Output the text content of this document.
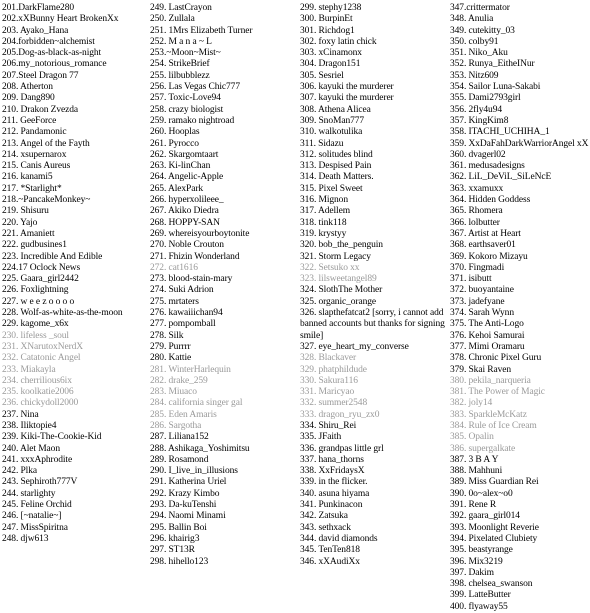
201.DarkFlame280
202.xXBunny Heart BrokenXx
203. Ayako_Hana
204.forbidden~alchemist
205.Dog-as-black-as-night
206.my_notorious_romance
207.Steel Dragon 77
208. Atherton
209. Dang890
210. Drakon Zvezda
211. GeeForce
212. Pandamonic
213. Angel of the Fayth
214. xsupernarox
215. Canis Aureus
216. kanami5
217. *Starlight*
218.~PancakeMonkey~
219. Shisuru
220. Yajo
221. Amaniett
222. gudbusines1
223. Incredible And Edible
224.17 Oclock News
225. Gaara_girl2442
226. Foxlightning
227. w e e z o o o o
228. Wolf-as-white-as-the-moon
229. kagome_x6x
230. lifeless _soul
231. XNarutoxNerdX
232. Catatonic Angel
233. Miakayla
234. cherrilious6ix
235. koolkatie2006
236. chickydoll2000
237. Nina
238. Iliktopie4
239. Kiki-The-Cookie-Kid
240. Alet Maon
241. xxxAphrodite
242. Plka
243. Sephiroth777V
244. starlighty
245. Feline Orchid
246. [~natalie~]
247. MissSpiritna
248. djw613
249. LastCrayon
250. Zullala
251. 1Mrs Elizabeth Turner
252. M a n a ~ L
253.~Moon~Mist~
254. StrikeBrief
255. lilbubblezz
256. Las Vegas Chic777
257. Toxic-Love94
258. crazy biologist
259. ramako nightroad
260. Hooplas
261. Pyrocco
262. Skargomtaart
263. Ki-linChan
264. Angelic-Apple
265. AlexPark
266. hyperxolileee_
267. Akiko Diedra
268. HOPPY-SAN
269. whereisyourboytonite
270. Noble Crouton
271. Fhizin Wonderland
272. cat1616
273. blood-stain-mary
274. Suki Adrion
275. mrtaters
276. kawaiiichan94
277. pompomball
278. Silk
279. Purrrr
280. Kattie
281. WinterHarlequin
282. drake_259
283. Miuaco
284. california singer gal
285. Eden Amaris
286. Sargotha
287. Liliana152
288. Ashikaga_Yoshimitsu
289. Rosamond
290. I_live_in_illusions
291. Katherina Uriel
292. Krazy Kimbo
293. Da-kuTenshi
294. Naomi Minami
295. Ballin Boi
296. khairig3
297. ST13R
298. hihello123
299. stephy1238
300. BurpinEt
301. Richdog1
302. foxy latin chick
303. xCinamonx
304. Dragon151
305. Sesriel
306. kayuki the murderer
307. kayuki the murderer
308. Athena Alicea
309. SnoMan777
310. walkotulika
311. Sidazu
312. solitudes blind
313. Despised Pain
314. Death Matters.
315. Pixel Sweet
316. Mignon
317. Adellem
318. tink118
319. krystyy
320. bob_the_penguin
321. Storm Legacy
322. Setsuko xx
323. lilsweetangel89
324. SlothThe Mother
325. organic_orange
326. slapthefatcat2 [sorry, i cannot add banned accounts but thanks for signing smile]
327. eye_heart_my_converse
328. Blackaver
329. phatphildude
330. Sakura116
331. Maricyao
332. summer2548
333. dragon_ryu_zx0
334. Shiru_Rei
335. JFaith
336. grandpas little grl
337. hana_thorns
338. XxFridaysX
339. in the flicker.
340. asuna hiyama
341. Punkinacon
342. Zatsuka
343. sethxack
344. david diamonds
345. TenTen818
346. xXAudiXx
347.crittermator
348. Anulia
349. cutekitty_03
350. colby91
351. Niko_Aku
352. Runya_EitheINur
353. Nitz609
354. Sailor Luna-Sakabi
355. Dami2793girl
356. 2fly4u94
357. KingKim8
358. ITACHI_UCHIHA_1
359. XxDaFahDarkWarriorAngel xX
360. dvagerl02
361. medusadesigns
362. LiL_DeViL_SiLeNcE
363. xxamuxx
364. Hidden Goddess
365. Rhomera
366. lolbutter
367. Artist at Heart
368. earthsaver01
369. Kokoro Mizayu
370. Fingmadi
371. isibutt
372. buoyantaine
373. jadefyane
374. Sarah Wynn
375. The Anti-Logo
376. Kehoi Samurai
377. Mimi Oramaru
378. Chronic Pixel Guru
379. Skai Raven
380. pekila_narqueria
381. The Power of Magic
382. joly14
383. SparkleMcKatz
384. Rule of Ice Cream
385. Opalin
386. supergalkate
387. 3 B A Y
388. Mahhuni
389. Miss Guardian Rei
390. 0o~alex~o0
391. Rene R
392. gaara_girl014
393. Moonlight Reverie
394. Pixelated Clubiety
395. beastyrange
396. Mix3219
397. Dakim
398. chelsea_swanson
399. LatteButter
400. flyaway55
